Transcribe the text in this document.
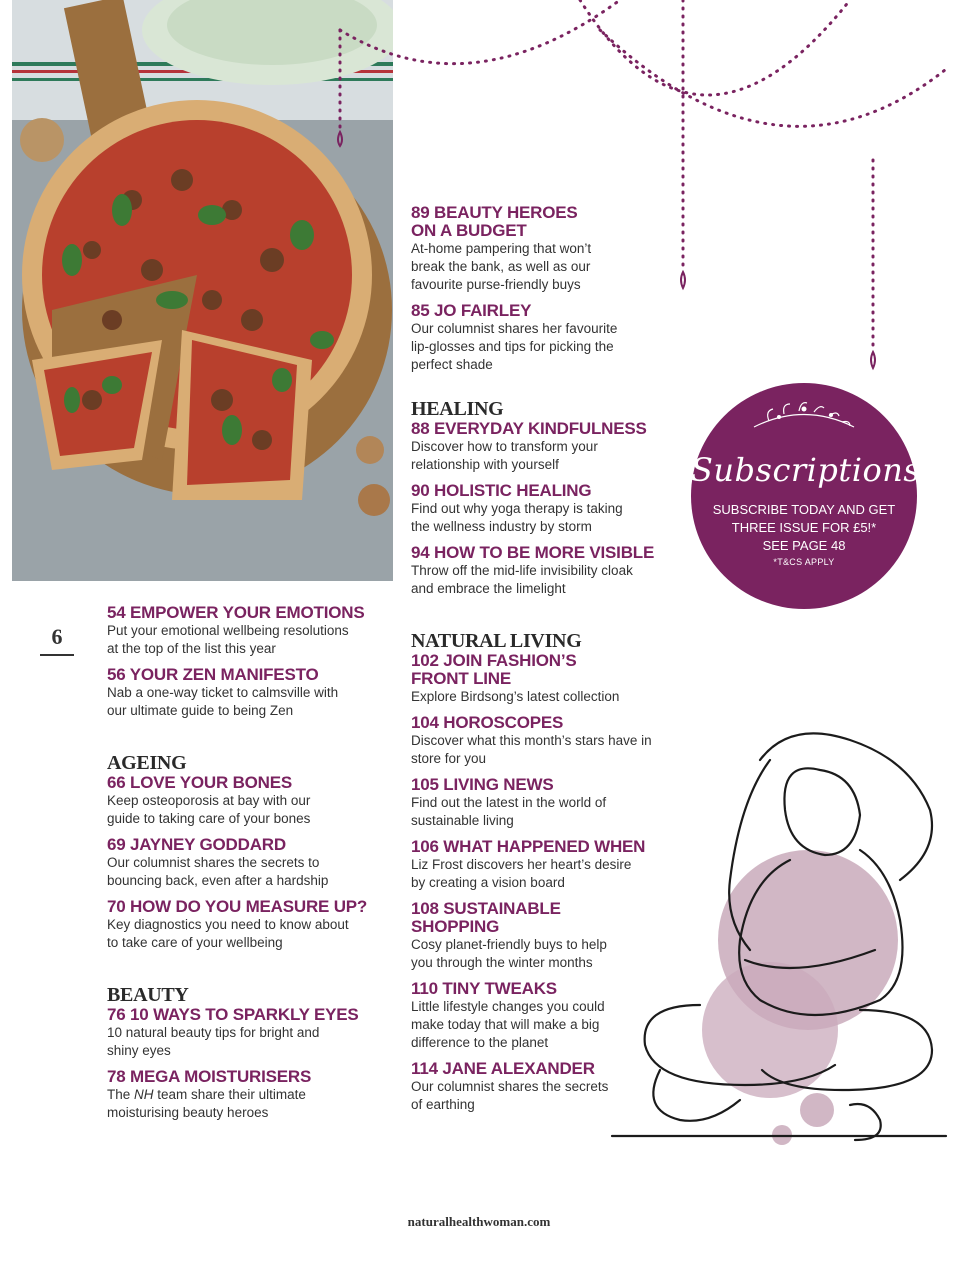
6

54 EMPOWER YOUR EMOTIONS

Put your emotional wellbeing resolutions

at the top of the list this year

56 YOUR ZEN MANIFESTO

Nab a one-way ticket to calmsville with

our ultimate guide to being Zen

AGEING

66 LOVE YOUR BONES

Keep osteoporosis at bay with our

guide to taking care of your bones

69 JAYNEY GODDARD

Our columnist shares the secrets to

bouncing back, even after a hardship

70 HOW DO YOU MEASURE UP?

Key diagnostics you need to know about

to take care of your wellbeing

BEAUTY

76 10 WAYS TO SPARKLY EYES

10 natural beauty tips for bright and

shiny eyes

78 MEGA MOISTURISERS

The NH team share their ultimate

moisturising beauty heroes

89 BEAUTY HEROES

ON A BUDGET

At-home pampering that won’t

break the bank, as well as our

favourite purse-friendly buys

85 JO FAIRLEY

Our columnist shares her favourite

lip-glosses and tips for picking the

perfect shade

HEALING

88 EVERYDAY KINDFULNESS

Discover how to transform your

relationship with yourself

90 HOLISTIC HEALING

Find out why yoga therapy is taking

the wellness industry by storm

94 HOW TO BE MORE VISIBLE

Throw off the mid-life invisibility cloak

and embrace the limelight

NATURAL LIVING

102 JOIN FASHION’S

FRONT LINE

Explore Birdsong’s latest collection

104 HOROSCOPES

Discover what this month’s stars have in

store for you

105 LIVING NEWS

Find out the latest in the world of

sustainable living

106 WHAT HAPPENED WHEN

Liz Frost discovers her heart’s desire

by creating a vision board

108 SUSTAINABLE

SHOPPING

Cosy planet-friendly buys to help

you through the winter months

110 TINY TWEAKS

Little lifestyle changes you could

make today that will make a big

difference to the planet

114 JANE ALEXANDER

Our columnist shares the secrets

of earthing

Subscriptions
SUBSCRIBE TODAY AND GET
THREE ISSUE FOR £5!*
SEE PAGE 48
*T&CS APPLY
naturalhealthwoman.com
